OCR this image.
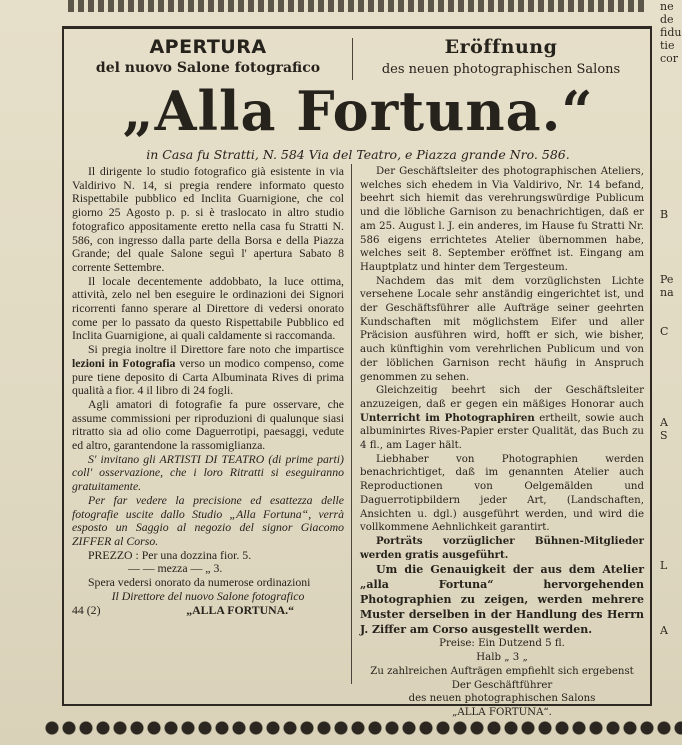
ne
de
fidu
tie
cor

B

Pe
na

C

A
S

L

A

APERTURA
del nuovo Salone fotografico
Eröffnung
des neuen photographischen Salons
„Alla Fortuna.“
in Casa fu Stratti, N. 584 Via del Teatro, e Piazza grande Nro. 586.

Il dirigente lo studio fotografico già esistente in via Valdirivo N. 14, si pregia rendere informato questo Rispettabile pubblico ed Inclita Guarnigione, che col giorno 25 Agosto p. p. si è traslocato in altro studio fotografico appositamente eretto nella casa fu Stratti N. 586, con ingresso dalla parte della Borsa e della Piazza Grande; del quale Salone seguì l' apertura Sabato 8 corrente Settembre.

Il locale decentemente addobbato, la luce ottima, attività, zelo nel ben eseguire le ordinazioni dei Signori ricorrenti fanno sperare al Direttore di vedersi onorato come per lo passato da questo Rispettabile Pubblico ed Inclita Guarnigione, ai quali caldamente si raccomanda.

Si pregia inoltre il Direttore fare noto che impartisce lezioni in Fotografia verso un modico compenso, come pure tiene deposito di Carta Albuminata Rives di prima qualità a fior. 4 il libro di 24 fogli.

Agli amatori di fotografie fa pure osservare, che assume commissioni per riproduzioni di qualunque siasi ritratto sia ad olio come Daguerrotipi, paesaggi, vedute ed altro, garantendone la rassomiglianza.

S' invitano gli ARTISTI DI TEATRO (di prime parti) coll' osservazione, che i loro Ritratti si eseguiranno gratuitamente.

Per far vedere la precisione ed esattezza delle fotografie uscite dallo Studio „Alla Fortuna“, verrà esposto un Saggio al negozio del signor Giacomo ZIFFER al Corso.

PREZZO : Per una dozzina fior. 5.

— — mezza — „ 3.

Spera vedersi onorato da numerose ordinazioni

Il Direttore del nuovo Salone fotografico

44 (2)	„ALLA FORTUNA.“

Der Geschäftsleiter des photographischen Ateliers, welches sich ehedem in Via Valdirivo, Nr. 14 befand, beehrt sich hiemit das verehrungswürdige Publicum und die löbliche Garnison zu benachrichtigen, daß er am 25. August l. J. ein anderes, im Hause fu Stratti Nr. 586 eigens errichtetes Atelier übernommen habe, welches seit 8. September eröffnet ist. Eingang am Hauptplatz und hinter dem Tergesteum.

Nachdem das mit dem vorzüglichsten Lichte versehene Locale sehr anständig eingerichtet ist, und der Geschäftsführer alle Aufträge seiner geehrten Kundschaften mit möglichstem Eifer und aller Präcision ausführen wird, hofft er sich, wie bisher, auch künftighin vom verehrlichen Publicum und von der löblichen Garnison recht häufig in Anspruch genommen zu sehen.

Gleichzeitig beehrt sich der Geschäftsleiter anzuzeigen, daß er gegen ein mäßiges Honorar auch Unterricht im Photographiren ertheilt, sowie auch albuminirtes Rives-Papier erster Qualität, das Buch zu 4 fl., am Lager hält.

Liebhaber von Photographien werden benachrichtiget, daß im genannten Atelier auch Reproductionen von Oelgemälden und Daguerrotipbildern jeder Art, (Landschaften, Ansichten u. dgl.) ausgeführt werden, und wird die vollkommene Aehnlichkeit garantirt.

Porträts vorzüglicher Bühnen-Mitglieder werden gratis ausgeführt.

Um die Genauigkeit der aus dem Atelier „alla Fortuna“ hervorgehenden Photographien zu zeigen, werden mehrere Muster derselben in der Handlung des Herrn J. Ziffer am Corso ausgestellt werden.

Preise: Ein Dutzend 5 fl.

Halb „ 3 „

Zu zahlreichen Aufträgen empfiehlt sich ergebenst

Der Geschäftführer

des neuen photographischen Salons

„ALLA FORTUNA“.
